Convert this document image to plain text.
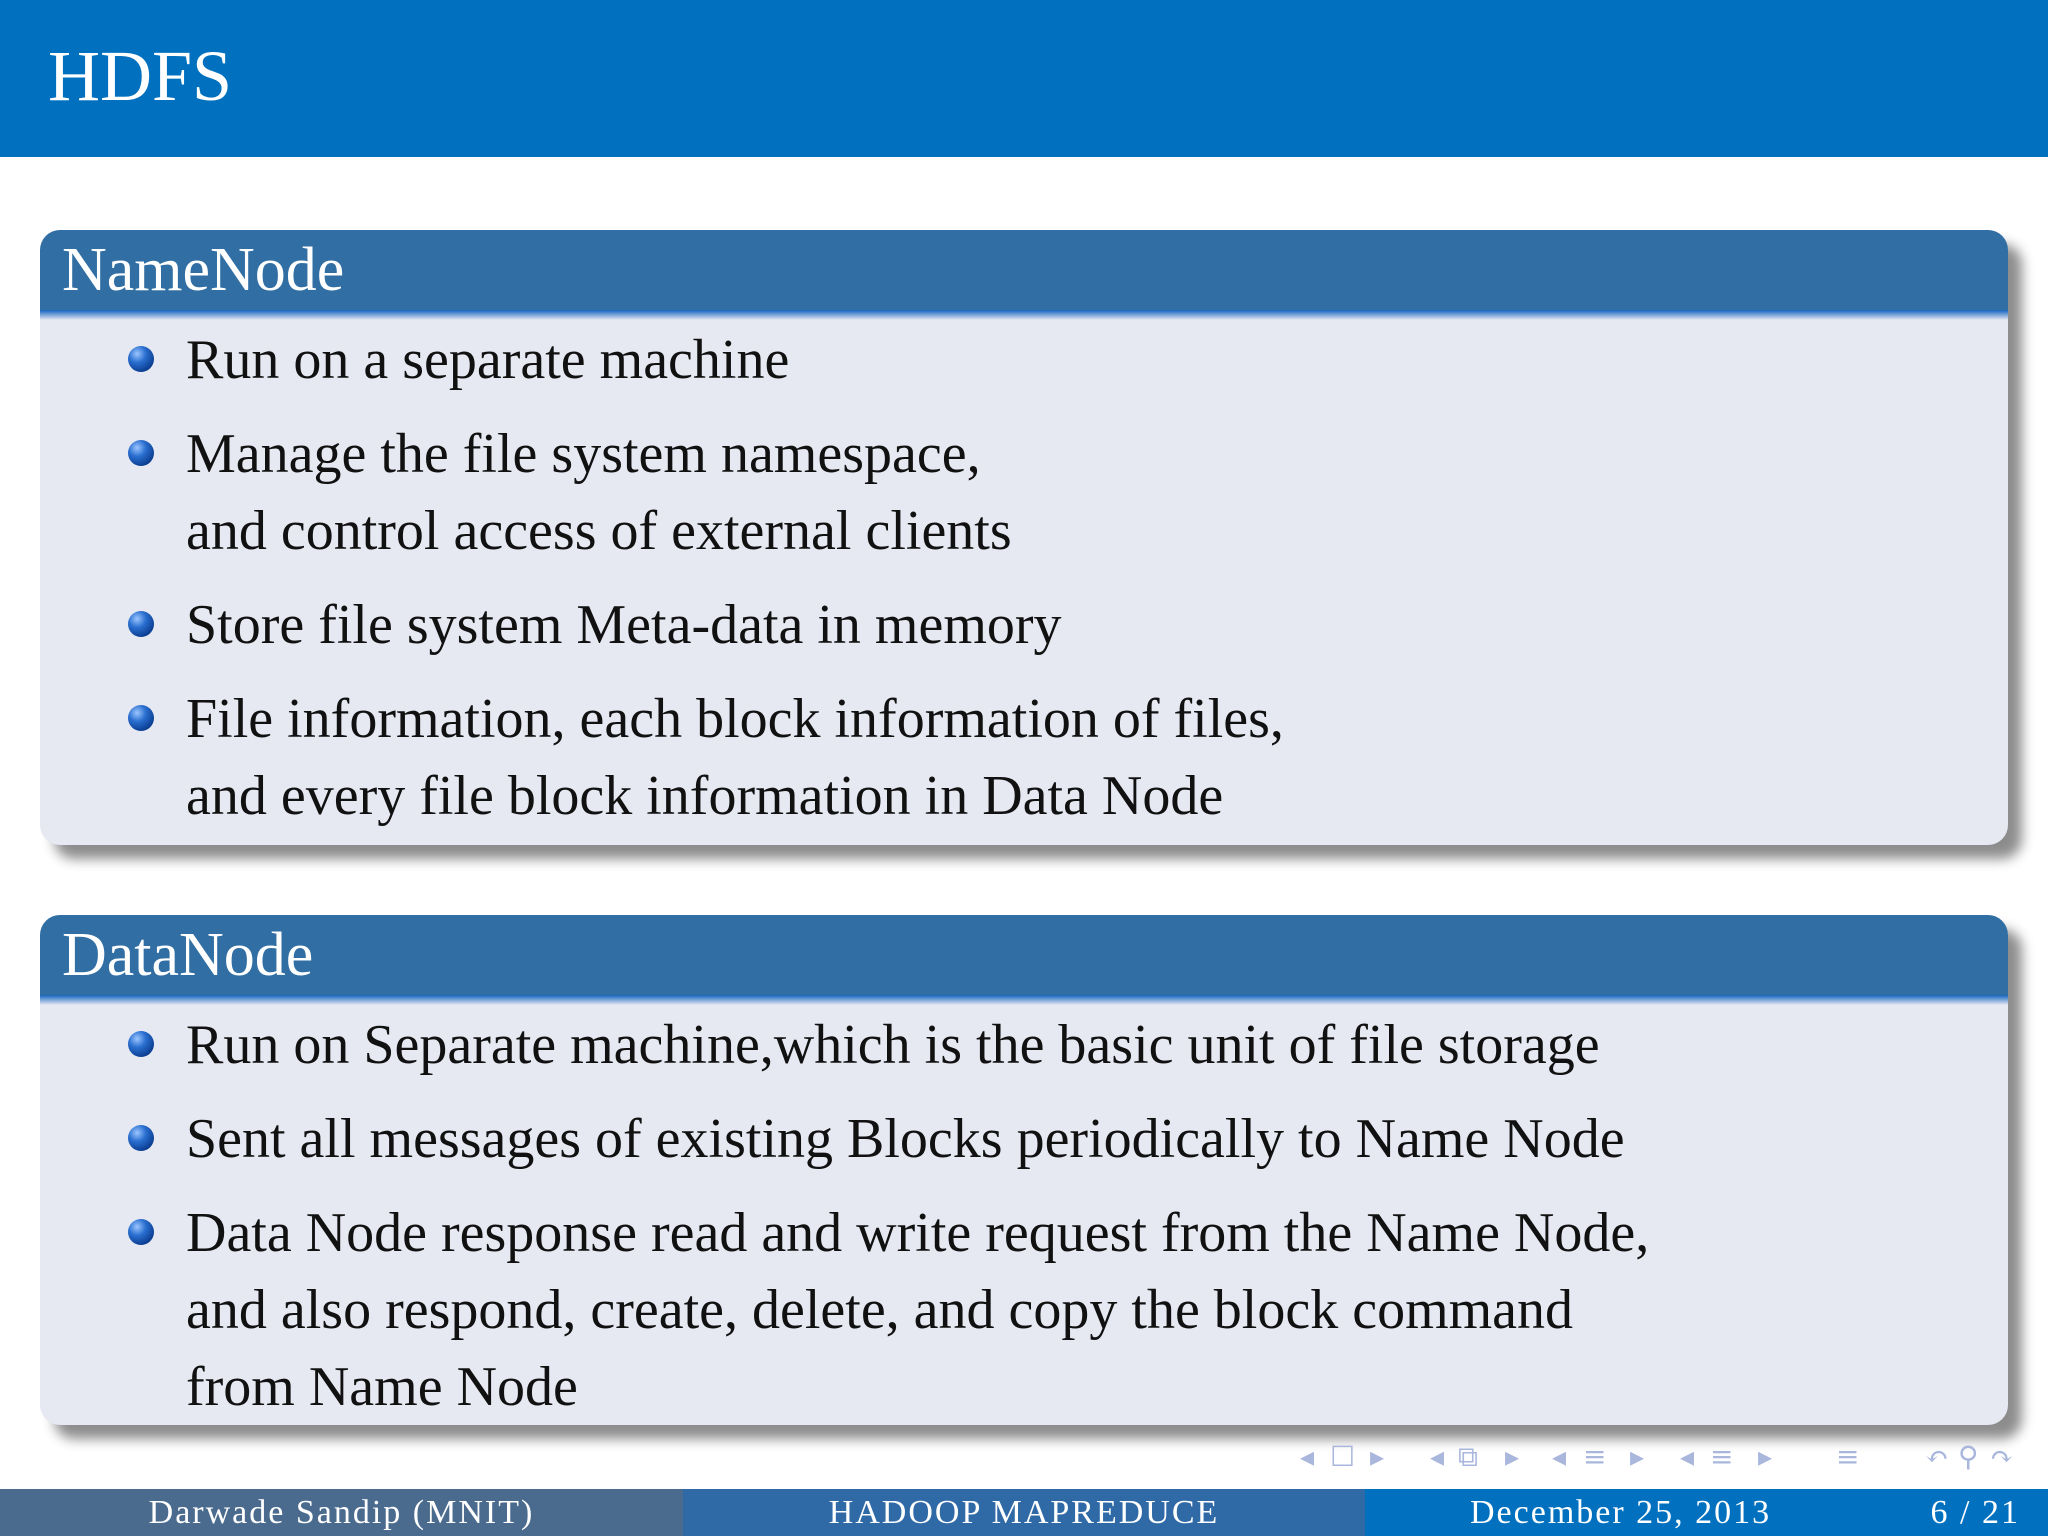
HDFS
NameNode
Run on a separate machine
Manage the file system namespace,
and control access of external clients
Store file system Meta-data in memory
File information, each block information of files,
and every file block information in Data Node
DataNode
Run on Separate machine,which is the basic unit of file storage
Sent all messages of existing Blocks periodically to Name Node
Data Node response read and write request from the Name Node,
and also respond, create, delete, and copy the block command
from Name Node
◂ ☐ ▸ ◂ ⧉ ▸ ◂ ≡ ▸ ◂ ≡ ▸ ≡ ↶ ⚲ ↷
Darwade Sandip (MNIT)	HADOOP MAPREDUCE	December 25, 2013	6 / 21
